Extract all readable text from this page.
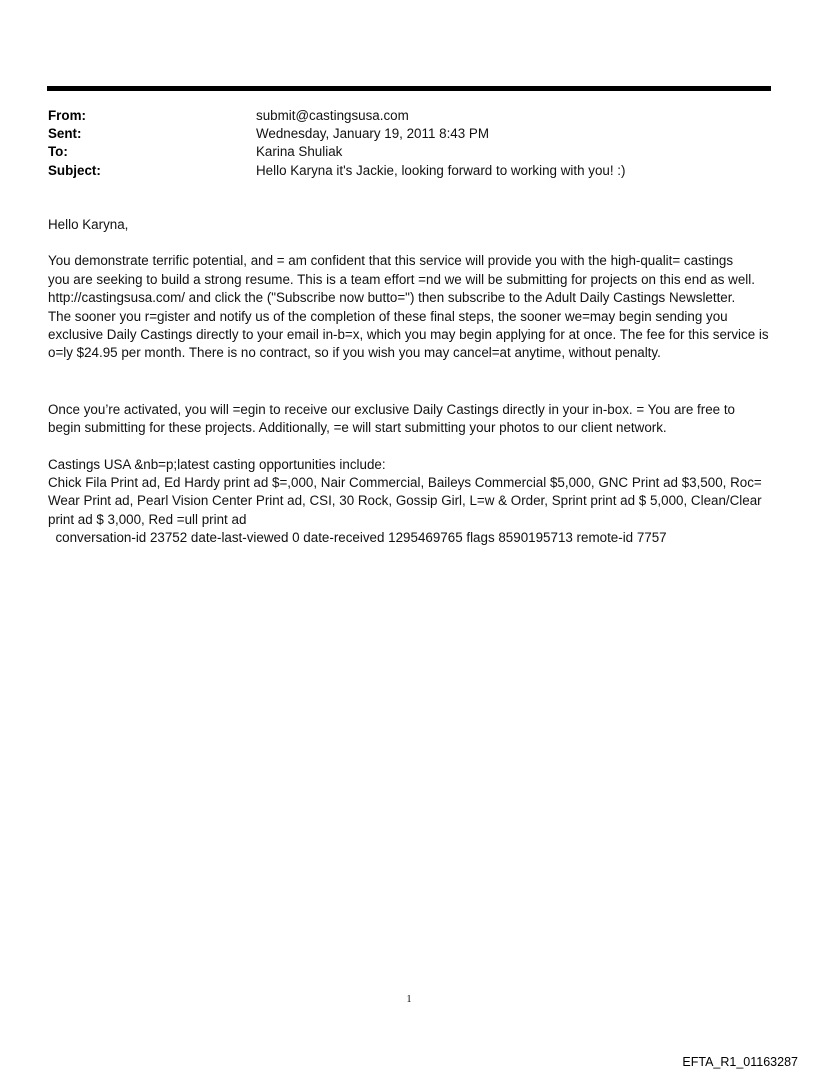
From:	submit@castingsusa.com
Sent:	Wednesday, January 19, 2011 8:43 PM
To:	Karina Shuliak
Subject:	Hello Karyna it's Jackie, looking forward to working with you! :)

Hello Karyna,

You demonstrate terrific potential, and = am confident that this service will provide you with the high-qualit= castings
you are seeking to build a strong resume. This is a team effort =nd we will be submitting for projects on this end as well.
http://castingsusa.com/ and click the ("Subscribe now butto=") then subscribe to the Adult Daily Castings Newsletter.
The sooner you r=gister and notify us of the completion of these final steps, the sooner we=may begin sending you
exclusive Daily Castings directly to your email in-b=x, which you may begin applying for at once. The fee for this service is
o=ly $24.95 per month. There is no contract, so if you wish you may cancel=at anytime, without penalty.
Once you’re activated, you will =egin to receive our exclusive Daily Castings directly in your in-box. = You are free to
begin submitting for these projects. Additionally, =e will start submitting your photos to our client network.
Castings USA &nb=p;latest casting opportunities include:
Chick Fila Print ad, Ed Hardy print ad $=,000, Nair Commercial, Baileys Commercial $5,000, GNC Print ad $3,500, Roc=
Wear Print ad, Pearl Vision Center Print ad, CSI, 30 Rock, Gossip Girl, L=w & Order, Sprint print ad $ 5,000, Clean/Clear
print ad $ 3,000, Red =ull print ad
conversation-id 23752 date-last-viewed 0 date-received 1295469765 flags 8590195713 remote-id 7757
1
EFTA_R1_01163287
